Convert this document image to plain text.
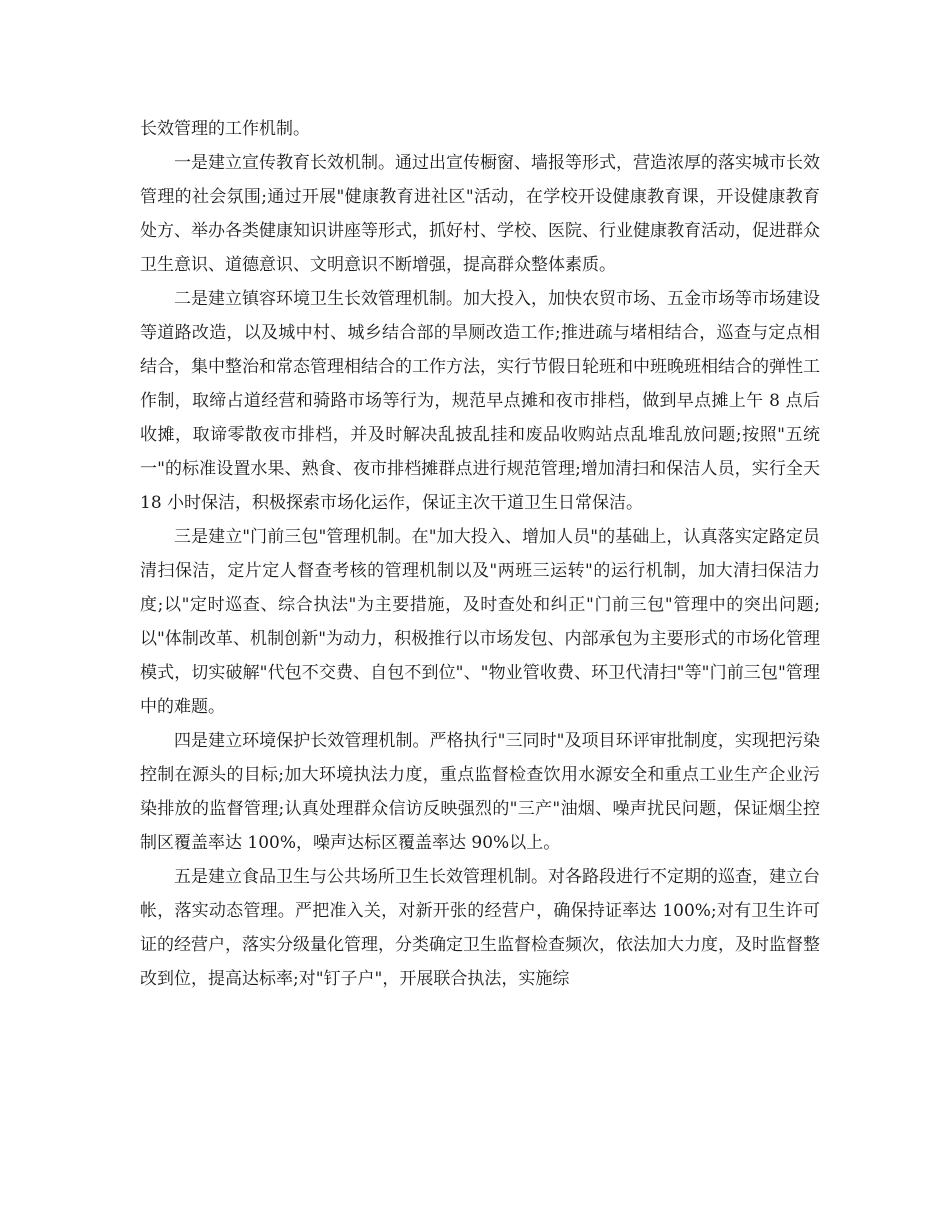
长效管理的工作机制。

一是建立宣传教育长效机制。通过出宣传橱窗、墙报等形式，营造浓厚的落实城市长效管理的社会氛围;通过开展"健康教育进社区"活动，在学校开设健康教育课，开设健康教育处方、举办各类健康知识讲座等形式，抓好村、学校、医院、行业健康教育活动，促进群众卫生意识、道德意识、文明意识不断增强，提高群众整体素质。

二是建立镇容环境卫生长效管理机制。加大投入，加快农贸市场、五金市场等市场建设等道路改造，以及城中村、城乡结合部的旱厕改造工作;推进疏与堵相结合，巡查与定点相结合，集中整治和常态管理相结合的工作方法，实行节假日轮班和中班晚班相结合的弹性工作制，取缔占道经营和骑路市场等行为，规范早点摊和夜市排档，做到早点摊上午 8 点后收摊，取谛零散夜市排档，并及时解决乱披乱挂和废品收购站点乱堆乱放问题;按照"五统一"的标准设置水果、熟食、夜市排档摊群点进行规范管理;增加清扫和保洁人员，实行全天 18 小时保洁，积极探索市场化运作，保证主次干道卫生日常保洁。

三是建立"门前三包"管理机制。在"加大投入、增加人员"的基础上，认真落实定路定员清扫保洁，定片定人督查考核的管理机制以及"两班三运转"的运行机制，加大清扫保洁力度;以"定时巡查、综合执法"为主要措施，及时查处和纠正"门前三包"管理中的突出问题;以"体制改革、机制创新"为动力，积极推行以市场发包、内部承包为主要形式的市场化管理模式，切实破解"代包不交费、自包不到位"、"物业管收费、环卫代清扫"等"门前三包"管理中的难题。

四是建立环境保护长效管理机制。严格执行"三同时"及项目环评审批制度，实现把污染控制在源头的目标;加大环境执法力度，重点监督检查饮用水源安全和重点工业生产企业污染排放的监督管理;认真处理群众信访反映强烈的"三产"油烟、噪声扰民问题，保证烟尘控制区覆盖率达 100%，噪声达标区覆盖率达 90%以上。

五是建立食品卫生与公共场所卫生长效管理机制。对各路段进行不定期的巡查，建立台帐，落实动态管理。严把准入关，对新开张的经营户，确保持证率达 100%;对有卫生许可证的经营户，落实分级量化管理，分类确定卫生监督检查频次，依法加大力度，及时监督整改到位，提高达标率;对"钉子户"，开展联合执法，实施综
